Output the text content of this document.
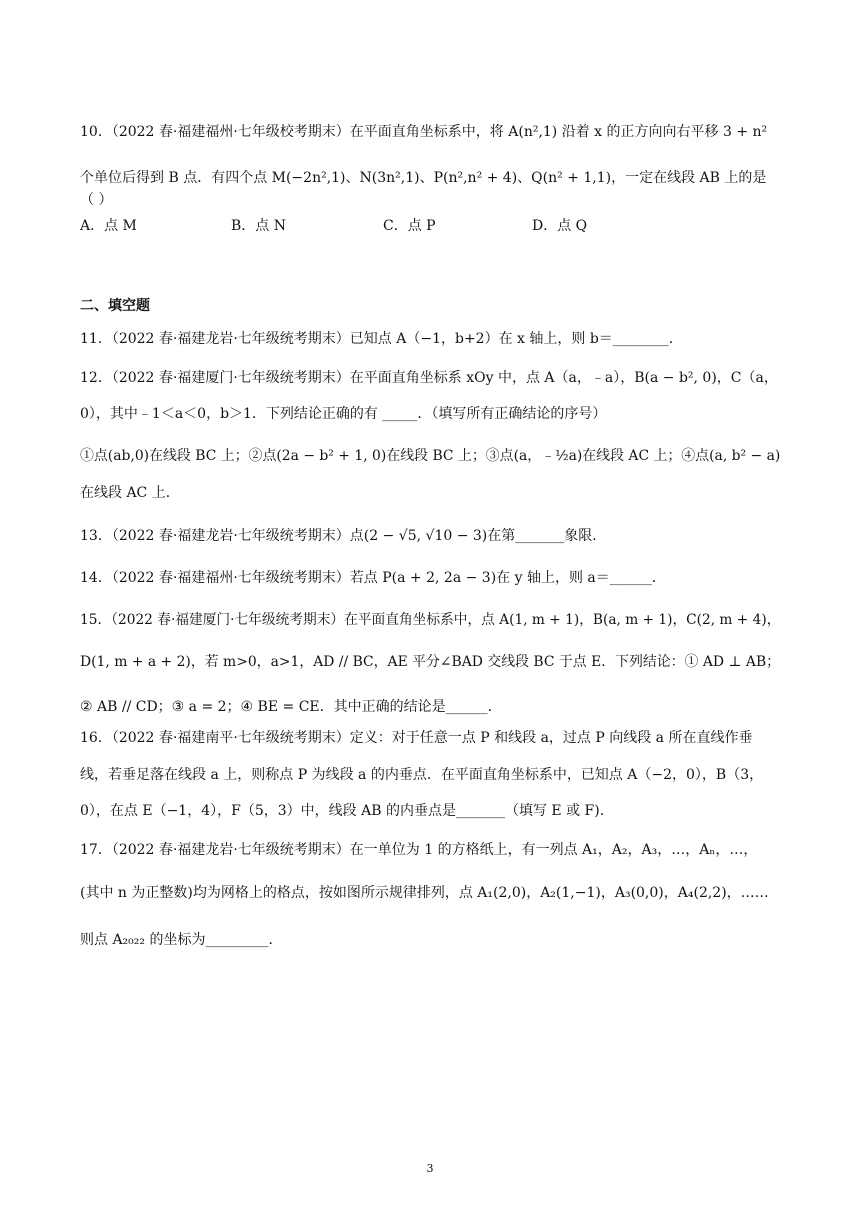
10．（2022 春·福建福州·七年级校考期末）在平面直角坐标系中，将 A(n²,1) 沿着 x 的正方向向右平移 3 + n²
个单位后得到 B 点．有四个点 M(−2n²,1)、N(3n²,1)、P(n²,n² + 4)、Q(n² + 1,1)，一定在线段 AB 上的是
（ ）
A．点 M	B．点 N	C．点 P	D．点 Q
二、填空题
11．（2022 春·福建龙岩·七年级统考期末）已知点 A（−1，b+2）在 x 轴上，则 b＝________．
12．（2022 春·福建厦门·七年级统考期末）在平面直角坐标系 xOy 中，点 A（a，﹣a），B(a − b², 0)，C（a，
0），其中﹣1＜a＜0，b＞1．下列结论正确的有 _____．（填写所有正确结论的序号）
①点(ab,0)在线段 BC 上；②点(2a − b² + 1, 0)在线段 BC 上；③点(a，﹣½a)在线段 AC 上；④点(a, b² − a)
在线段 AC 上．
13．（2022 春·福建龙岩·七年级统考期末）点(2 − √5, √10 − 3)在第_______象限．
14．（2022 春·福建福州·七年级统考期末）若点 P(a + 2, 2a − 3)在 y 轴上，则 a＝______．
15．（2022 春·福建厦门·七年级统考期末）在平面直角坐标系中，点 A(1, m + 1)，B(a, m + 1)，C(2, m + 4)，
D(1, m + a + 2)，若 m>0，a>1，AD // BC，AE 平分∠BAD 交线段 BC 于点 E．下列结论：① AD ⊥ AB；
② AB // CD；③ a = 2；④ BE = CE．其中正确的结论是______．
16．（2022 春·福建南平·七年级统考期末）定义：对于任意一点 P 和线段 a，过点 P 向线段 a 所在直线作垂
线，若垂足落在线段 a 上，则称点 P 为线段 a 的内垂点．在平面直角坐标系中，已知点 A（−2，0），B（3，
0），在点 E（−1，4），F（5，3）中，线段 AB 的内垂点是_______（填写 E 或 F)．
17．（2022 春·福建龙岩·七年级统考期末）在一单位为 1 的方格纸上，有一列点 A₁，A₂，A₃，…，Aₙ，…，
(其中 n 为正整数)均为网格上的格点，按如图所示规律排列，点 A₁(2,0)，A₂(1,−1)，A₃(0,0)，A₄(2,2)，……
则点 A₂₀₂₂ 的坐标为_________．
3
